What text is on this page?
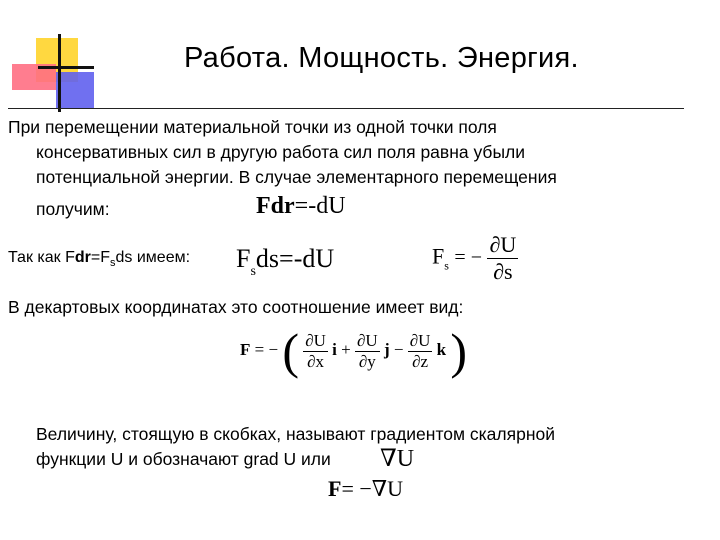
Работа. Мощность. Энергия.
При перемещении материальной точки из одной точки поля
консервативных сил в другую работа сил поля равна убыли
потенциальной энергии. В случае элементарного перемещения
получим:	Fdr=-dU
Так как $Fdr=F_sds$ имеем: $F_sds=-dU$	$F_s$ = − $\frac{\partial U}{\partial s}$
В декартовых координатах это соотношение имеет вид:
F = − ( $\frac{\partial U}{\partial x}$ $i + \frac{\partial U}{\partial y}$ $j - \frac{\partial U}{\partial z}$ k )
Величину, стоящую в скобках, называют градиентом скалярной
функции U и обозначают grad U или ∇U
F= −∇U
